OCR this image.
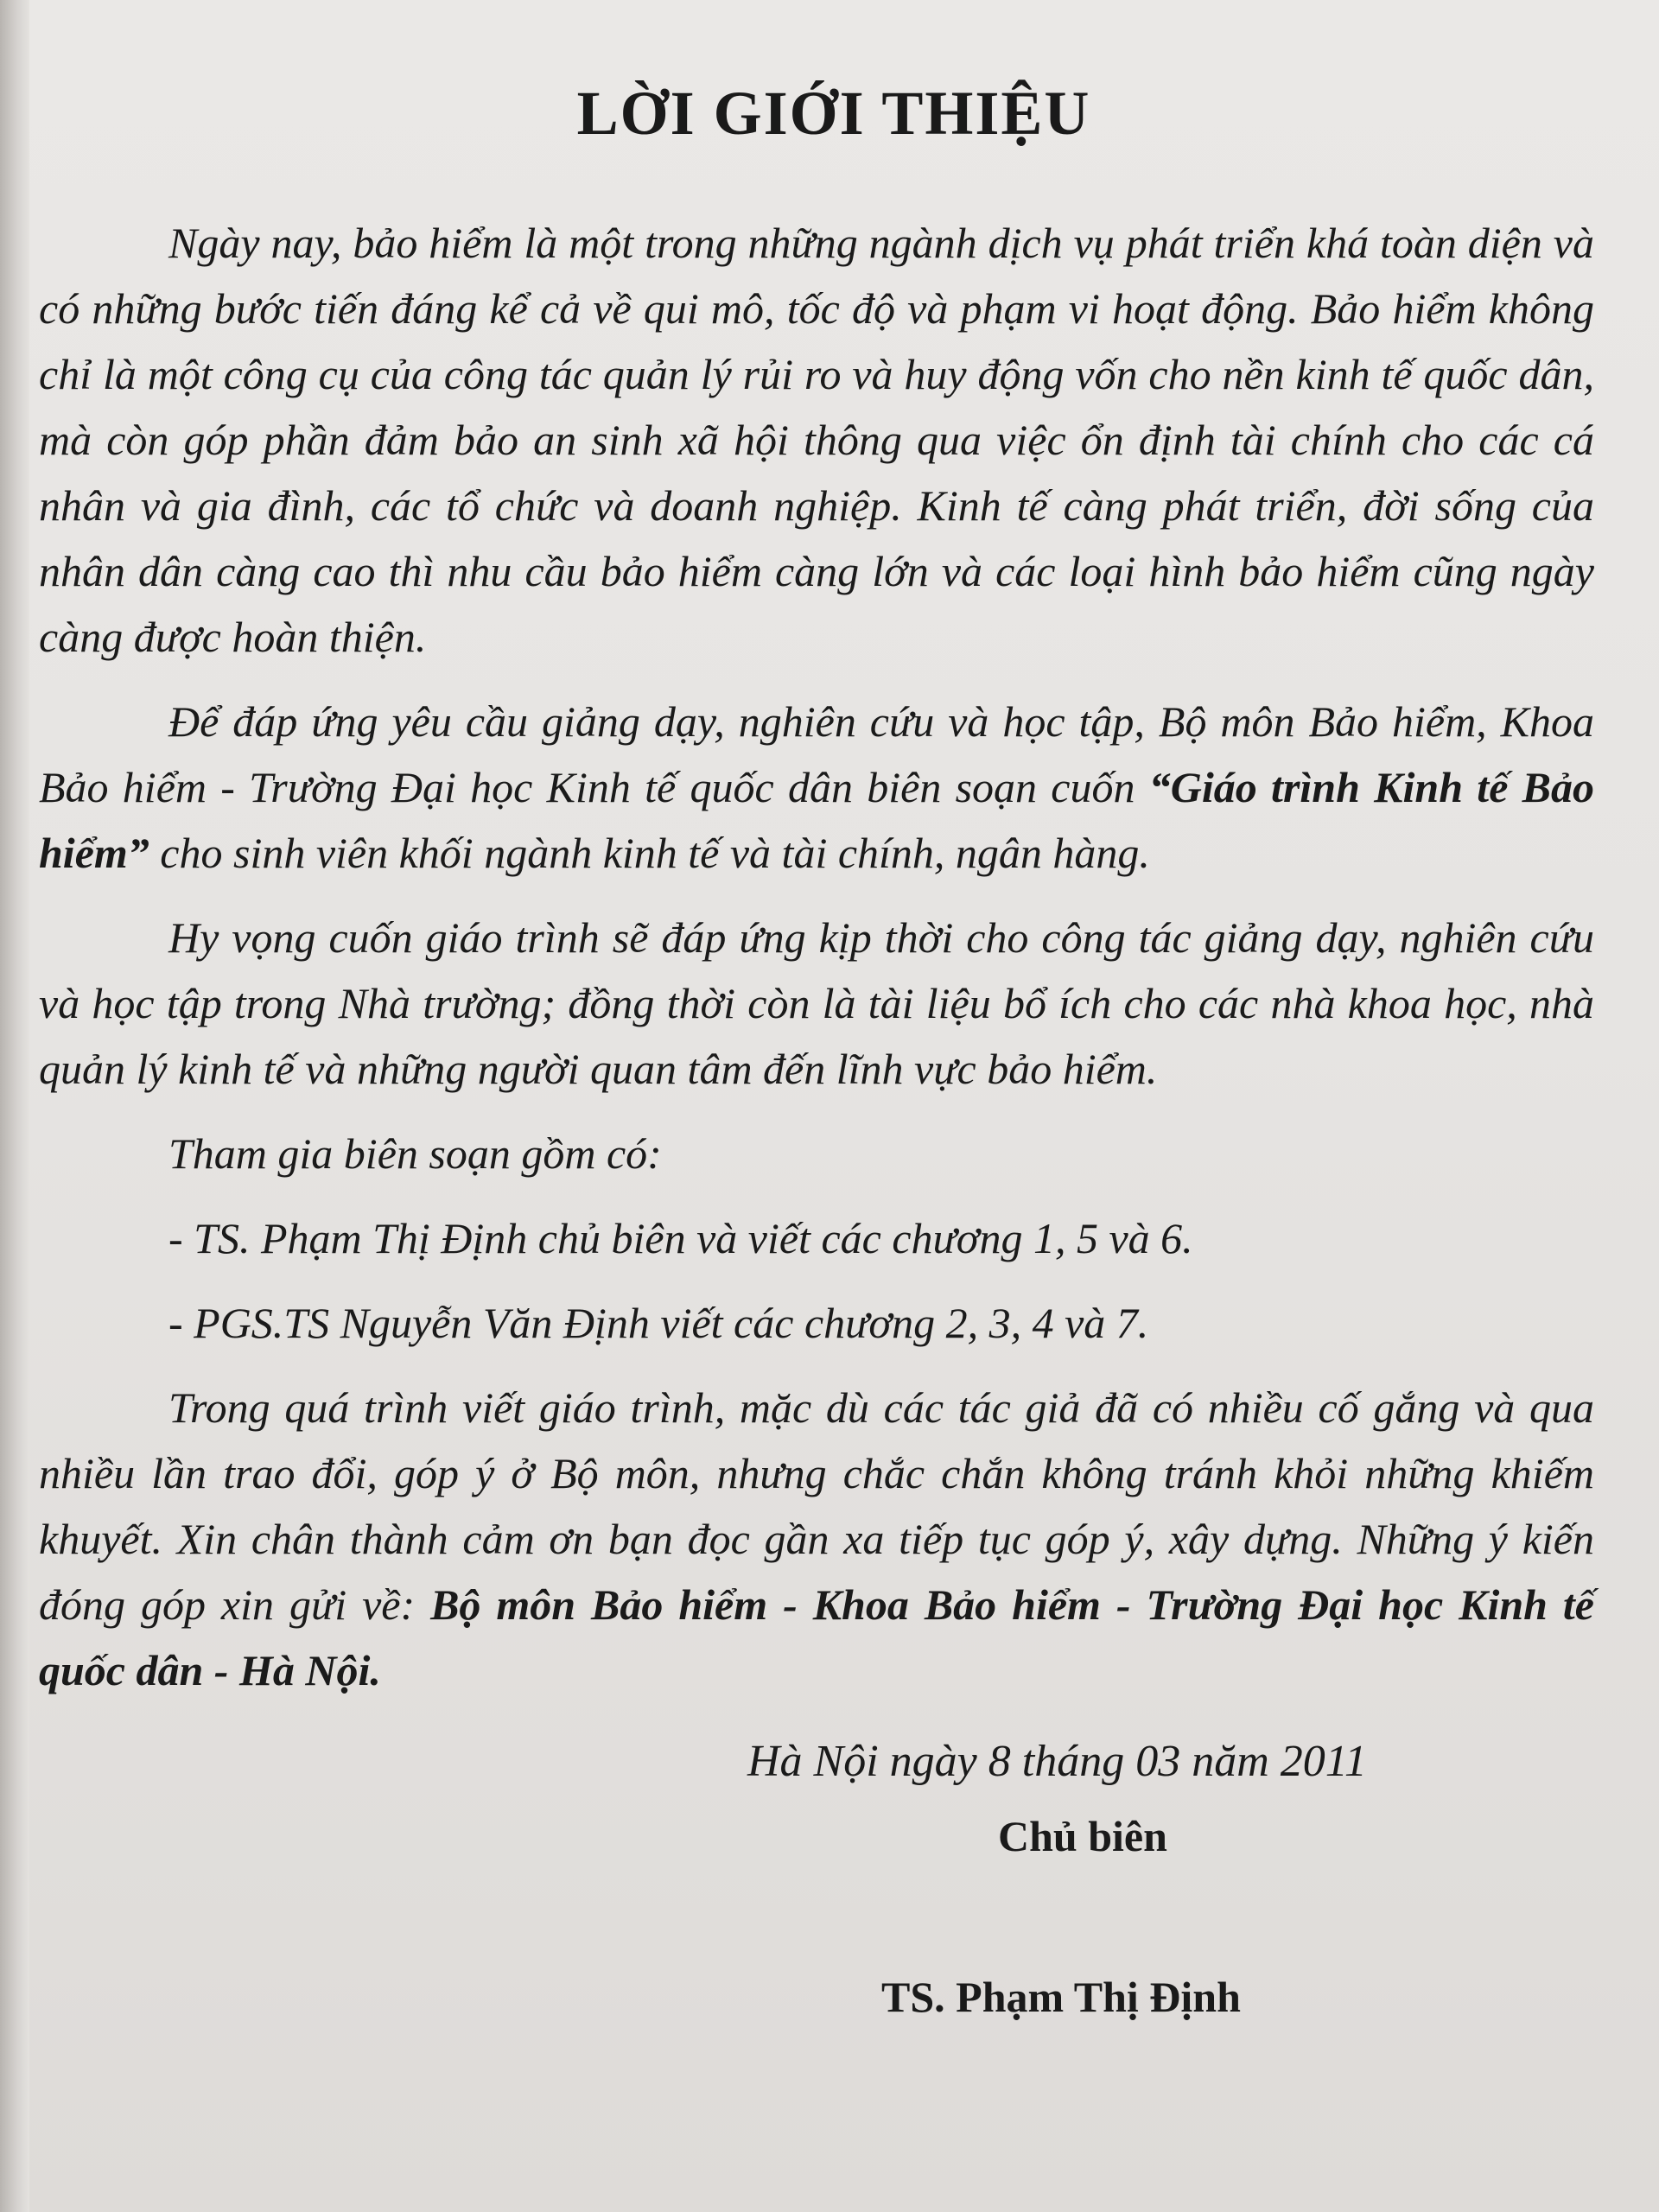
LỜI GIỚI THIỆU

Ngày nay, bảo hiểm là một trong những ngành dịch vụ phát triển khá toàn diện và có những bước tiến đáng kể cả về qui mô, tốc độ và phạm vi hoạt động. Bảo hiểm không chỉ là một công cụ của công tác quản lý rủi ro và huy động vốn cho nền kinh tế quốc dân, mà còn góp phần đảm bảo an sinh xã hội thông qua việc ổn định tài chính cho các cá nhân và gia đình, các tổ chức và doanh nghiệp. Kinh tế càng phát triển, đời sống của nhân dân càng cao thì nhu cầu bảo hiểm càng lớn và các loại hình bảo hiểm cũng ngày càng được hoàn thiện.

Để đáp ứng yêu cầu giảng dạy, nghiên cứu và học tập, Bộ môn Bảo hiểm, Khoa Bảo hiểm - Trường Đại học Kinh tế quốc dân biên soạn cuốn “Giáo trình Kinh tế Bảo hiểm” cho sinh viên khối ngành kinh tế và tài chính, ngân hàng.

Hy vọng cuốn giáo trình sẽ đáp ứng kịp thời cho công tác giảng dạy, nghiên cứu và học tập trong Nhà trường; đồng thời còn là tài liệu bổ ích cho các nhà khoa học, nhà quản lý kinh tế và những người quan tâm đến lĩnh vực bảo hiểm.

Tham gia biên soạn gồm có:

- TS. Phạm Thị Định chủ biên và viết các chương 1, 5 và 6.

- PGS.TS Nguyễn Văn Định viết các chương 2, 3, 4 và 7.

Trong quá trình viết giáo trình, mặc dù các tác giả đã có nhiều cố gắng và qua nhiều lần trao đổi, góp ý ở Bộ môn, nhưng chắc chắn không tránh khỏi những khiếm khuyết. Xin chân thành cảm ơn bạn đọc gần xa tiếp tục góp ý, xây dựng. Những ý kiến đóng góp xin gửi về: Bộ môn Bảo hiểm - Khoa Bảo hiểm - Trường Đại học Kinh tế quốc dân - Hà Nội.

Hà Nội ngày 8 tháng 03 năm 2011
Chủ biên
TS. Phạm Thị Định
